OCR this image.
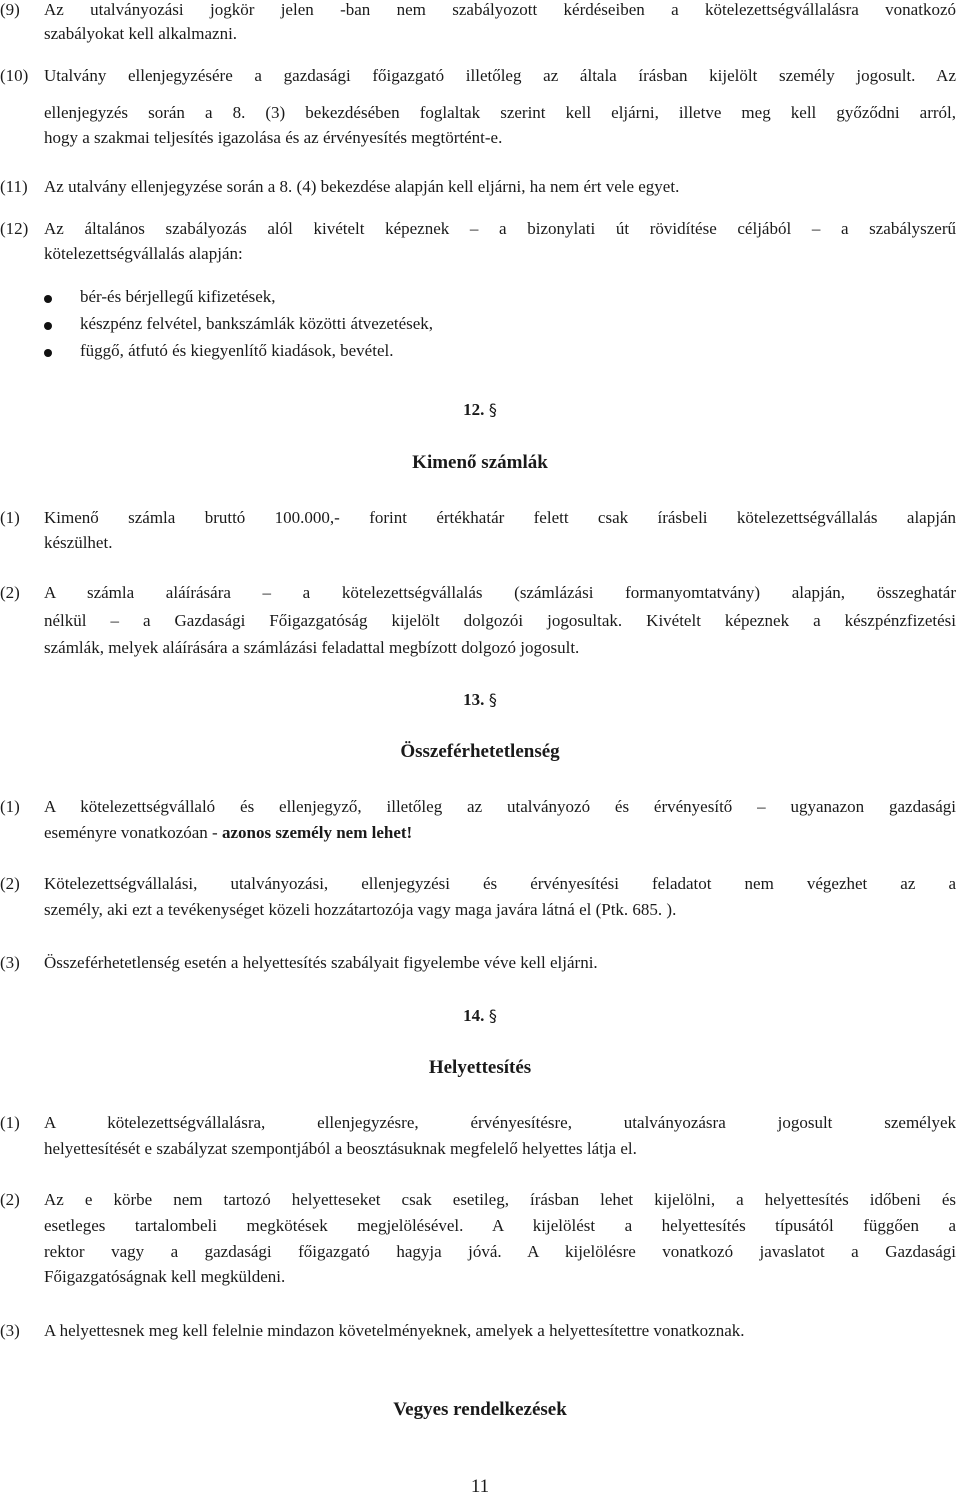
(9) Az utalványozási jogkör jelen -ban nem szabályozott kérdéseiben a kötelezettségvállalásra vonatkozó
szabályokat kell alkalmazni.
(10) Utalvány ellenjegyzésére a gazdasági főigazgató illetőleg az általa írásban kijelölt személy jogosult. Az
ellenjegyzés során a 8. (3) bekezdésében foglaltak szerint kell eljárni, illetve meg kell győződni arról,
hogy a szakmai teljesítés igazolása és az érvényesítés megtörtént-e.
(11) Az utalvány ellenjegyzése során a 8. (4) bekezdése alapján kell eljárni, ha nem ért vele egyet.
(12) Az általános szabályozás alól kivételt képeznek – a bizonylati út rövidítése céljából – a szabályszerű
kötelezettségvállalás alapján:
bér-és bérjellegű kifizetések,
készpénz felvétel, bankszámlák közötti átvezetések,
függő, átfutó és kiegyenlítő kiadások, bevétel.
12. §
Kimenő számlák
(1) Kimenő számla bruttó 100.000,- forint értékhatár felett csak írásbeli kötelezettségvállalás alapján
készülhet.
(2) A számla aláírására – a kötelezettségvállalás (számlázási formanyomtatvány) alapján, összeghatár
nélkül – a Gazdasági Főigazgatóság kijelölt dolgozói jogosultak. Kivételt képeznek a készpénzfizetési
számlák, melyek aláírására a számlázási feladattal megbízott dolgozó jogosult.
13. §
Összeférhetetlenség
(1) A kötelezettségvállaló és ellenjegyző, illetőleg az utalványozó és érvényesítő – ugyanazon gazdasági
eseményre vonatkozóan - azonos személy nem lehet!
(2) Kötelezettségvállalási, utalványozási, ellenjegyzési és érvényesítési feladatot nem végezhet az a
személy, aki ezt a tevékenységet közeli hozzátartozója vagy maga javára látná el (Ptk. 685. ).
(3) Összeférhetetlenség esetén a helyettesítés szabályait figyelembe véve kell eljárni.
14. §
Helyettesítés
(1) A kötelezettségvállalásra, ellenjegyzésre, érvényesítésre, utalványozásra jogosult személyek
helyettesítését e szabályzat szempontjából a beosztásuknak megfelelő helyettes látja el.
(2) Az e körbe nem tartozó helyetteseket csak esetileg, írásban lehet kijelölni, a helyettesítés időbeni és
esetleges tartalombeli megkötések megjelölésével. A kijelölést a helyettesítés típusától függően a
rektor vagy a gazdasági főigazgató hagyja jóvá. A kijelölésre vonatkozó javaslatot a Gazdasági
Főigazgatóságnak kell megküldeni.
(3) A helyettesnek meg kell felelnie mindazon követelményeknek, amelyek a helyettesítettre vonatkoznak.
Vegyes rendelkezések
11
